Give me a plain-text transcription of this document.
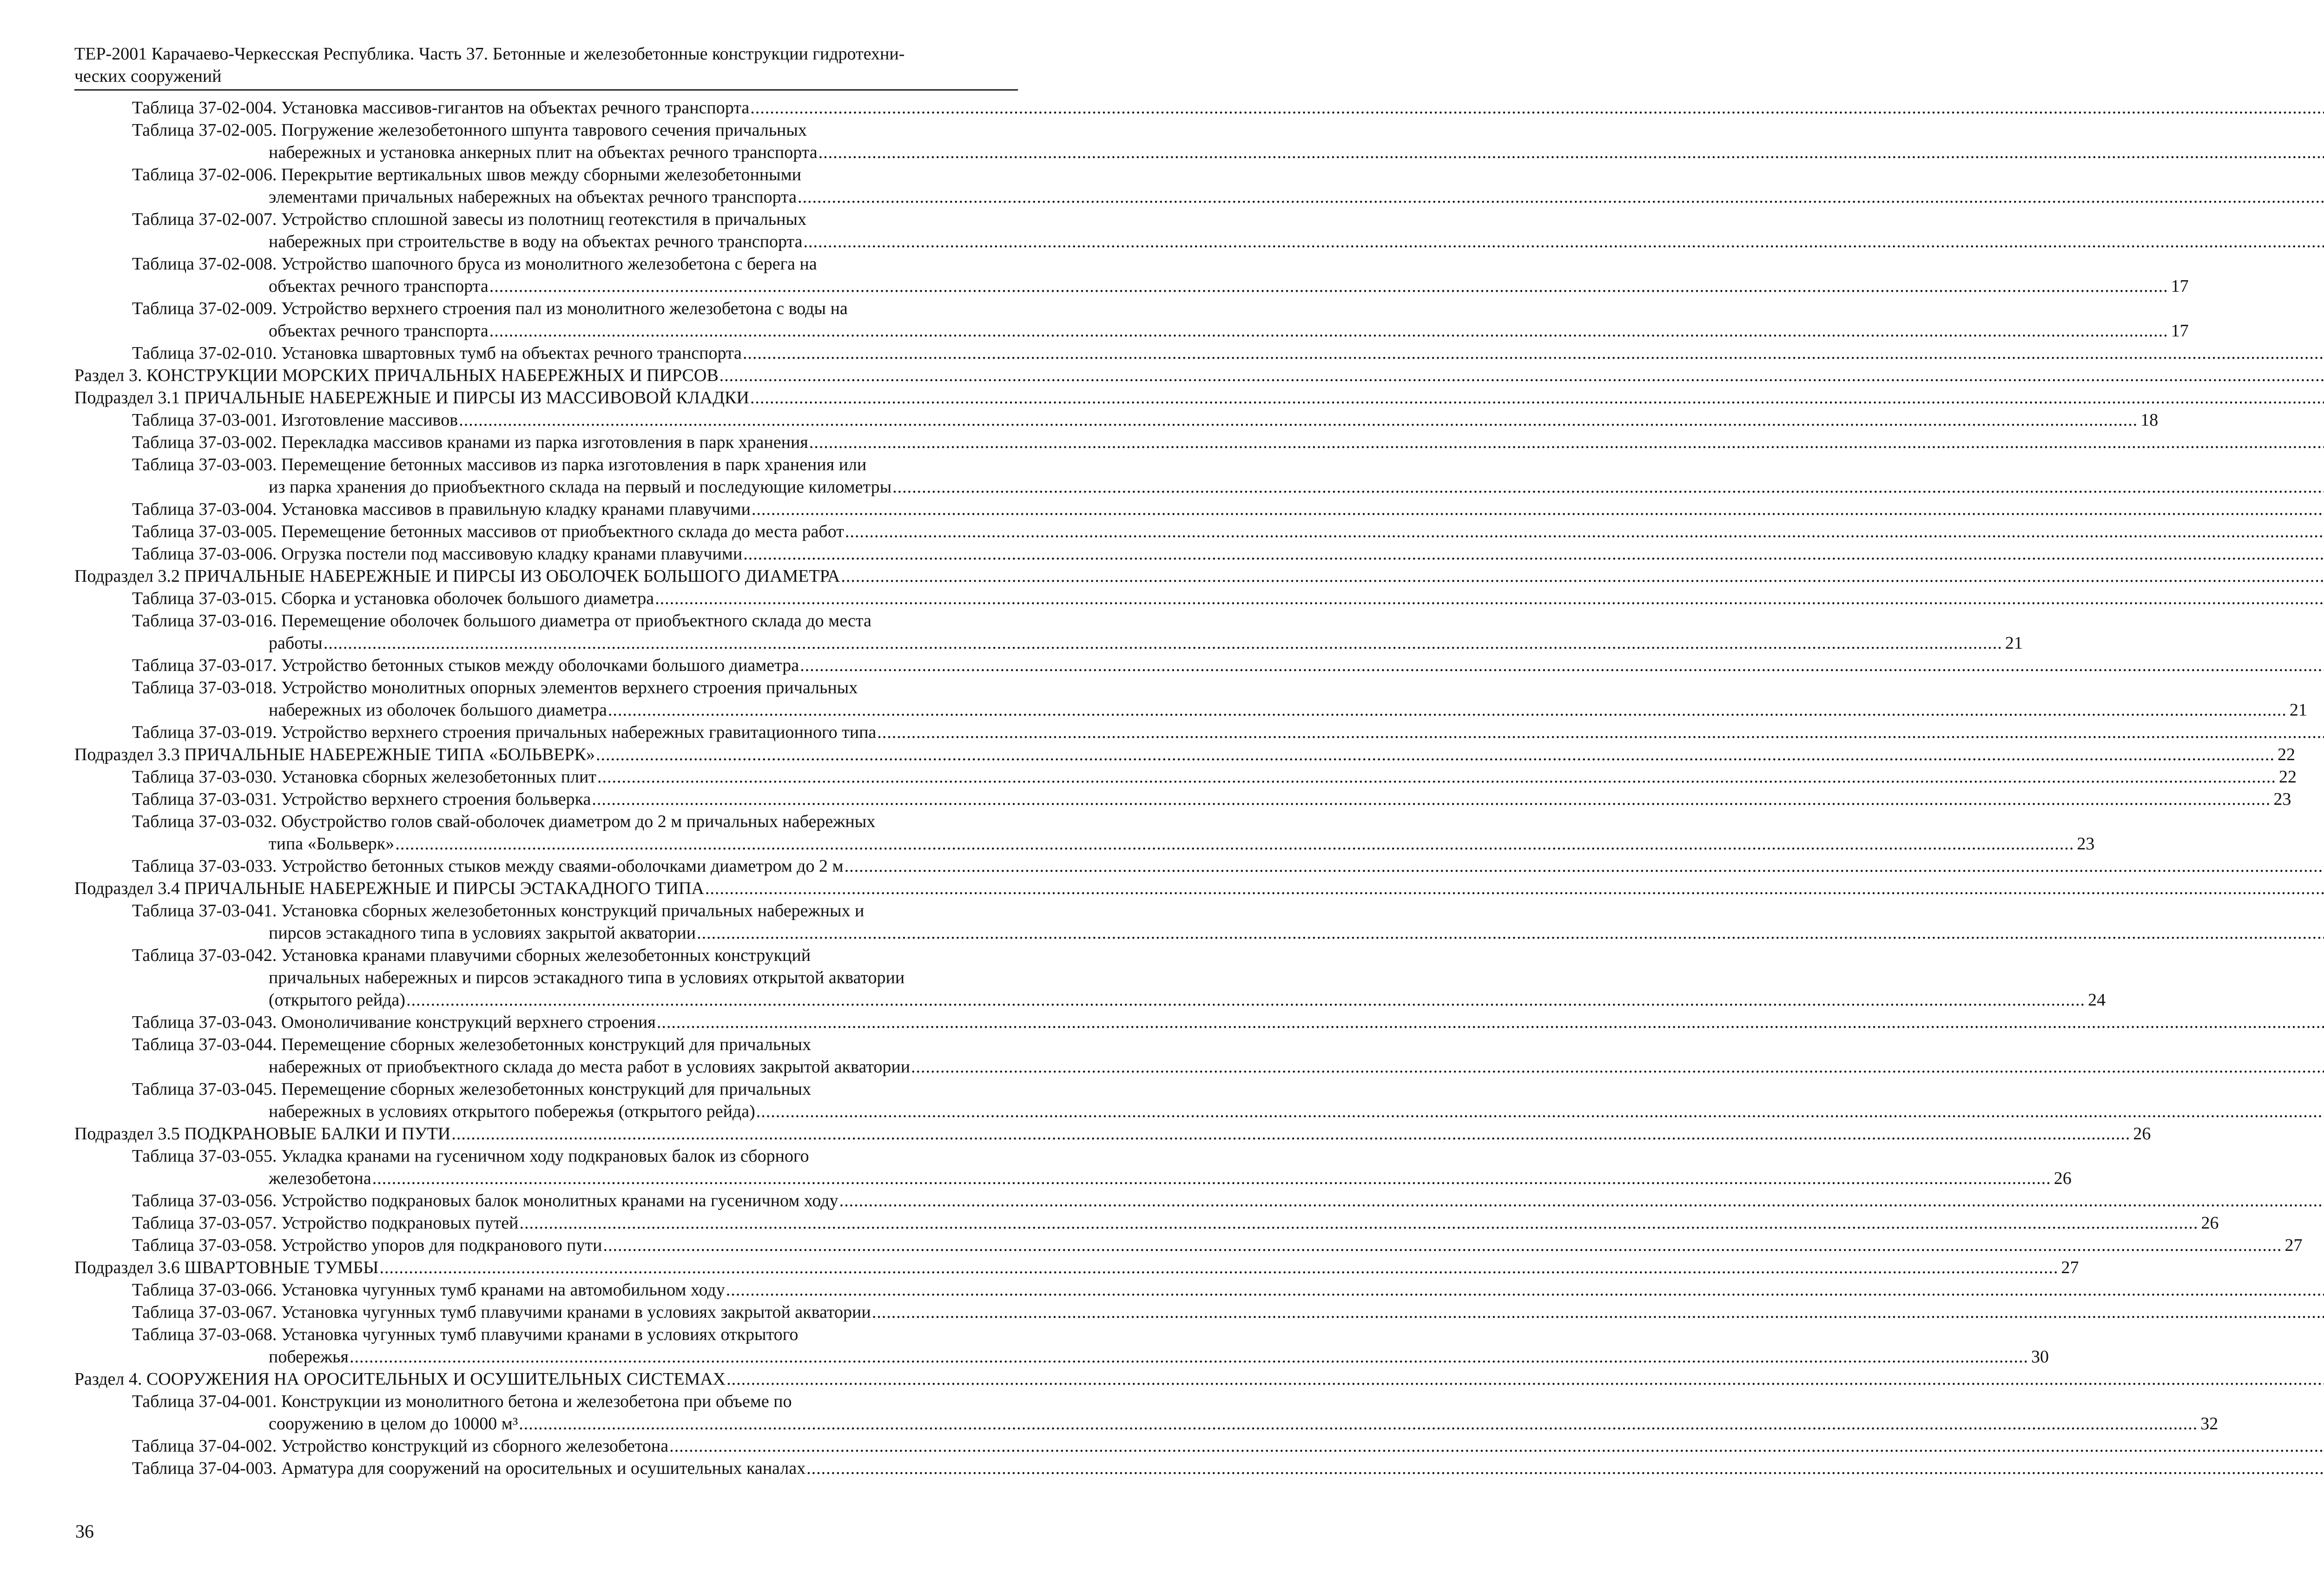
ТЕР-2001 Карачаево-Черкесская Республика. Часть 37. Бетонные и железобетонные конструкции гидротехни-
ческих сооружений
Таблица 37-02-004. Установка массивов-гигантов на объектах речного транспорта
.....
Таблица 37-02-005. Погружение железобетонного шпунта таврового сечения причальных
набережных и установка анкерных плит на объектах речного транспорта
.....
Таблица 37-02-006. Перекрытие вертикальных швов между сборными железобетонными
элементами причальных набережных на объектах речного транспорта
.....
Таблица 37-02-007. Устройство сплошной завесы из полотнищ геотекстиля в причальных
набережных при строительстве в воду на объектах речного транспорта
.....
Таблица 37-02-008. Устройство шапочного бруса из монолитного железобетона с берега на
объектах речного транспорта .....	17
Таблица 37-02-009. Устройство верхнего строения пал из монолитного железобетона с воды на
объектах речного транспорта .....	17
Таблица 37-02-010. Установка швартовных тумб на объектах речного транспорта
.....
Раздел 3. КОНСТРУКЦИИ МОРСКИХ ПРИЧАЛЬНЫХ НАБЕРЕЖНЫХ И ПИРСОВ
.....
Подраздел 3.1 ПРИЧАЛЬНЫЕ НАБЕРЕЖНЫЕ И ПИРСЫ ИЗ МАССИВОВОЙ КЛАДКИ
.....
Таблица 37-03-001. Изготовление массивов .....	18
Таблица 37-03-002. Перекладка массивов кранами из парка изготовления в парк хранения
.....
Таблица 37-03-003. Перемещение бетонных массивов из парка изготовления в парк хранения или
из парка хранения до приобъектного склада на первый и последующие километры
.....
Таблица 37-03-004. Установка массивов в правильную кладку кранами плавучими
.....
Таблица 37-03-005. Перемещение бетонных массивов от приобъектного склада до места работ
.....
Таблица 37-03-006. Огрузка постели под массивовую кладку кранами плавучими
.....
Подраздел 3.2 ПРИЧАЛЬНЫЕ НАБЕРЕЖНЫЕ И ПИРСЫ ИЗ ОБОЛОЧЕК БОЛЬШОГО ДИАМЕТРА
.....
Таблица 37-03-015. Сборка и установка оболочек большого диаметра
.....
Таблица 37-03-016. Перемещение оболочек большого диаметра от приобъектного склада до места
работы .....	21
Таблица 37-03-017. Устройство бетонных стыков между оболочками большого диаметра
.....
Таблица 37-03-018. Устройство монолитных опорных элементов верхнего строения причальных
набережных из оболочек большого диаметра .....	21
Таблица 37-03-019. Устройство верхнего строения причальных набережных гравитационного типа
.....
Подраздел 3.3 ПРИЧАЛЬНЫЕ НАБЕРЕЖНЫЕ ТИПА «БОЛЬВЕРК» .....	22
Таблица 37-03-030. Установка сборных железобетонных плит .....	22
Таблица 37-03-031. Устройство верхнего строения больверка .....	23
Таблица 37-03-032. Обустройство голов свай-оболочек диаметром до 2 м причальных набережных
типа «Больверк» .....	23
Таблица 37-03-033. Устройство бетонных стыков между сваями-оболочками диаметром до 2 м
.....
Подраздел 3.4 ПРИЧАЛЬНЫЕ НАБЕРЕЖНЫЕ И ПИРСЫ ЭСТАКАДНОГО ТИПА
.....
Таблица 37-03-041. Установка сборных железобетонных конструкций причальных набережных и
пирсов эстакадного типа в условиях закрытой акватории
.....
Таблица 37-03-042. Установка кранами плавучими сборных железобетонных конструкций
причальных набережных и пирсов эстакадного типа в условиях открытой акватории
(открытого рейда) .....	24
Таблица 37-03-043. Омоноличивание конструкций верхнего строения
.....
Таблица 37-03-044. Перемещение сборных железобетонных конструкций для причальных
набережных от приобъектного склада до места работ в условиях закрытой акватории
.....
Таблица 37-03-045. Перемещение сборных железобетонных конструкций для причальных
набережных в условиях открытого побережья (открытого рейда)
.....
Подраздел 3.5 ПОДКРАНОВЫЕ БАЛКИ И ПУТИ .....	26
Таблица 37-03-055. Укладка кранами на гусеничном ходу подкрановых балок из сборного
железобетона .....	26
Таблица 37-03-056. Устройство подкрановых балок монолитных кранами на гусеничном ходу
.....
Таблица 37-03-057. Устройство подкрановых путей .....	26
Таблица 37-03-058. Устройство упоров для подкранового пути .....	27
Подраздел 3.6 ШВАРТОВНЫЕ ТУМБЫ .....	27
Таблица 37-03-066. Установка чугунных тумб кранами на автомобильном ходу
.....
Таблица 37-03-067. Установка чугунных тумб плавучими кранами в условиях закрытой акватории
.....
Таблица 37-03-068. Установка чугунных тумб плавучими кранами в условиях открытого
побережья .....	30
Раздел 4. СООРУЖЕНИЯ НА ОРОСИТЕЛЬНЫХ И ОСУШИТЕЛЬНЫХ СИСТЕМАХ
.....
Таблица 37-04-001. Конструкции из монолитного бетона и железобетона при объеме по
сооружению в целом до 10000 м³ .....	32
Таблица 37-04-002. Устройство конструкций из сборного железобетона
.....
Таблица 37-04-003. Арматура для сооружений на оросительных и осушительных каналах
.....
36
